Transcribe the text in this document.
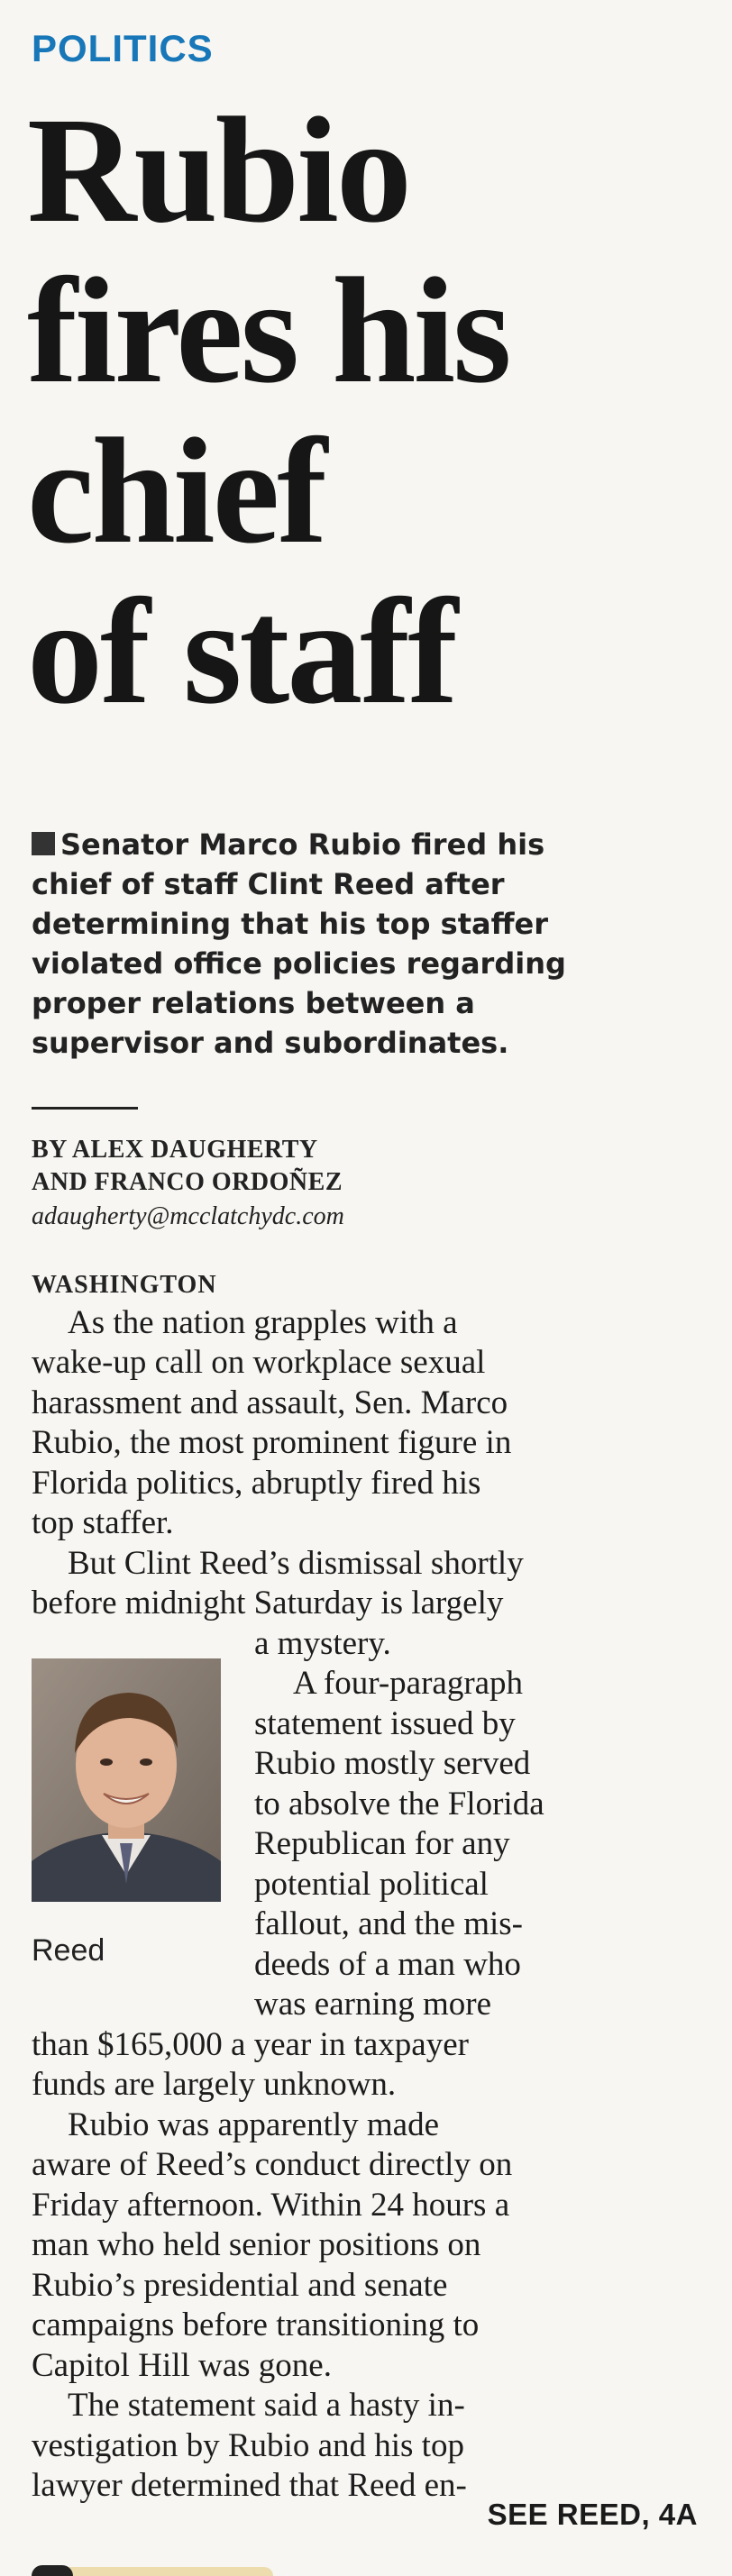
POLITICS
Rubio
fires his
chief
of staff
Senator Marco Rubio fired his
chief of staff Clint Reed after
determining that his top staffer
violated office policies regarding
proper relations between a
supervisor and subordinates.
BY ALEX DAUGHERTY
AND FRANCO ORDOÑEZ
adaugherty@mcclatchydc.com
WASHINGTON
As the nation grapples with a
wake-up call on workplace sexual
harassment and assault, Sen. Marco
Rubio, the most prominent figure in
Florida politics, abruptly fired his
top staffer.
But Clint Reed’s dismissal shortly
before midnight Saturday is largely
a mystery.
A four-paragraph
statement issued by
Rubio mostly served
to absolve the Florida
Republican for any
potential political
fallout, and the mis-
deeds of a man who
was earning more
than $165,000 a year in taxpayer
funds are largely unknown.
Rubio was apparently made
aware of Reed’s conduct directly on
Friday afternoon. Within 24 hours a
man who held senior positions on
Rubio’s presidential and senate
campaigns before transitioning to
Capitol Hill was gone.
The statement said a hasty in-
vestigation by Rubio and his top
lawyer determined that Reed en-
Reed
SEE REED, 4A
